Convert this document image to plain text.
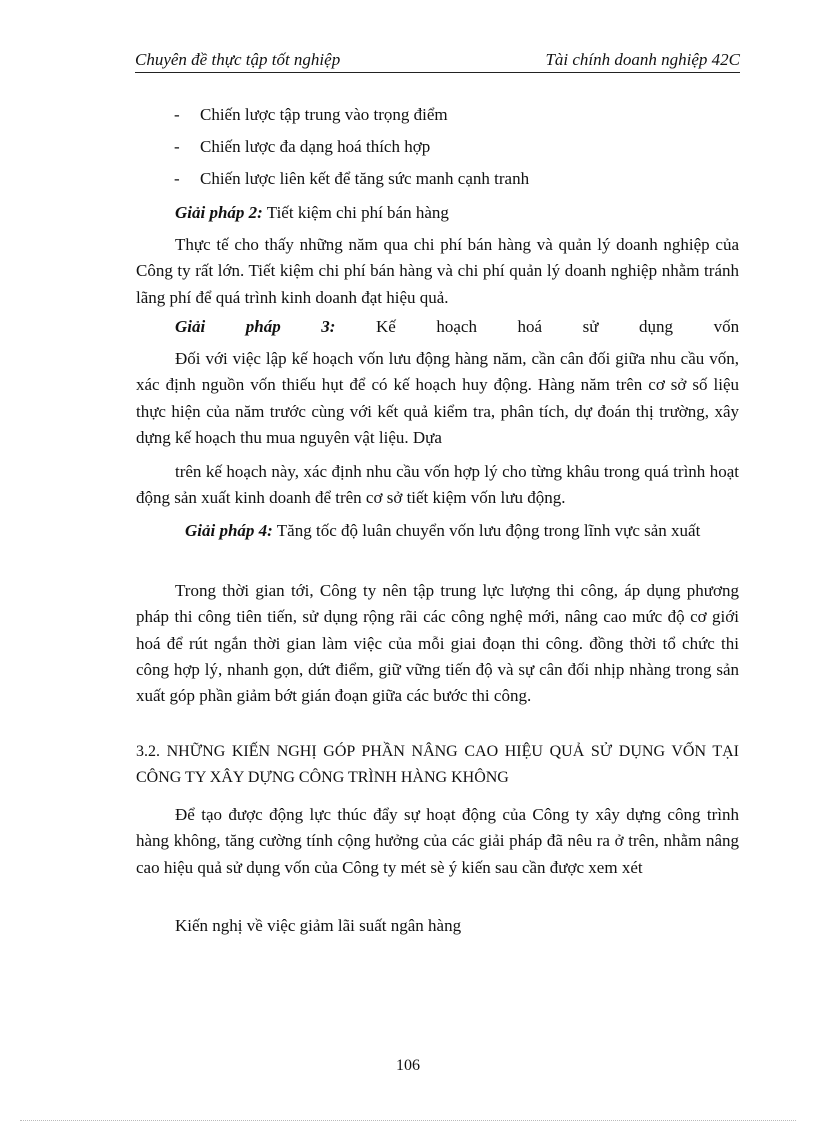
Chuyên đề thực tập tốt nghiệp	Tài chính doanh nghiệp 42C
- Chiến lược tập trung vào trọng điểm
- Chiến lược đa dạng hoá thích hợp
- Chiến lược liên kết để tăng sức manh cạnh tranh
Giải pháp 2: Tiết kiệm chi phí bán hàng
Thực tế cho thấy những năm qua chi phí bán hàng và quản lý doanh nghiệp của Công ty rất lớn. Tiết kiệm chi phí bán hàng và chi phí quản lý doanh nghiệp nhằm tránh lãng phí để quá trình kinh doanh đạt hiệu quả.
Giải pháp 3: Kế hoạch hoá sử dụng vốn
Đối với việc lập kế hoạch vốn lưu động hàng năm, cần cân đối giữa nhu cầu vốn, xác định nguồn vốn thiếu hụt để có kế hoạch huy động. Hàng năm trên cơ sở số liệu thực hiện của năm trước cùng với kết quả kiểm tra, phân tích, dự đoán thị trường, xây dựng kế hoạch thu mua nguyên vật liệu. Dựa
trên kế hoạch này, xác định nhu cầu vốn hợp lý cho từng khâu trong quá trình hoạt động sản xuất kinh doanh để trên cơ sở tiết kiệm vốn lưu động.
Giải pháp 4: Tăng tốc độ luân chuyển vốn lưu động trong lĩnh vực sản xuất
Trong thời gian tới, Công ty nên tập trung lực lượng thi công, áp dụng phương pháp thi công tiên tiến, sử dụng rộng rãi các công nghệ mới, nâng cao mức độ cơ giới hoá để rút ngắn thời gian làm việc của mỗi giai đoạn thi công. đồng thời tổ chức thi công hợp lý, nhanh gọn, dứt điểm, giữ vững tiến độ và sự cân đối nhịp nhàng trong sản xuất góp phần giảm bớt gián đoạn giữa các bước thi công.
3.2. NHỮNG KIẾN NGHỊ GÓP PHẦN NÂNG CAO HIỆU QUẢ SỬ DỤNG VỐN TẠI CÔNG TY XÂY DỰNG CÔNG TRÌNH HÀNG KHÔNG
Để tạo được động lực thúc đẩy sự hoạt động của Công ty xây dựng công trình hàng không, tăng cường tính cộng hưởng của các giải pháp đã nêu ra ở trên, nhằm nâng cao hiệu quả sử dụng vốn của Công ty mét sè ý kiến sau cần được xem xét
Kiến nghị về việc giảm lãi suất ngân hàng
106
